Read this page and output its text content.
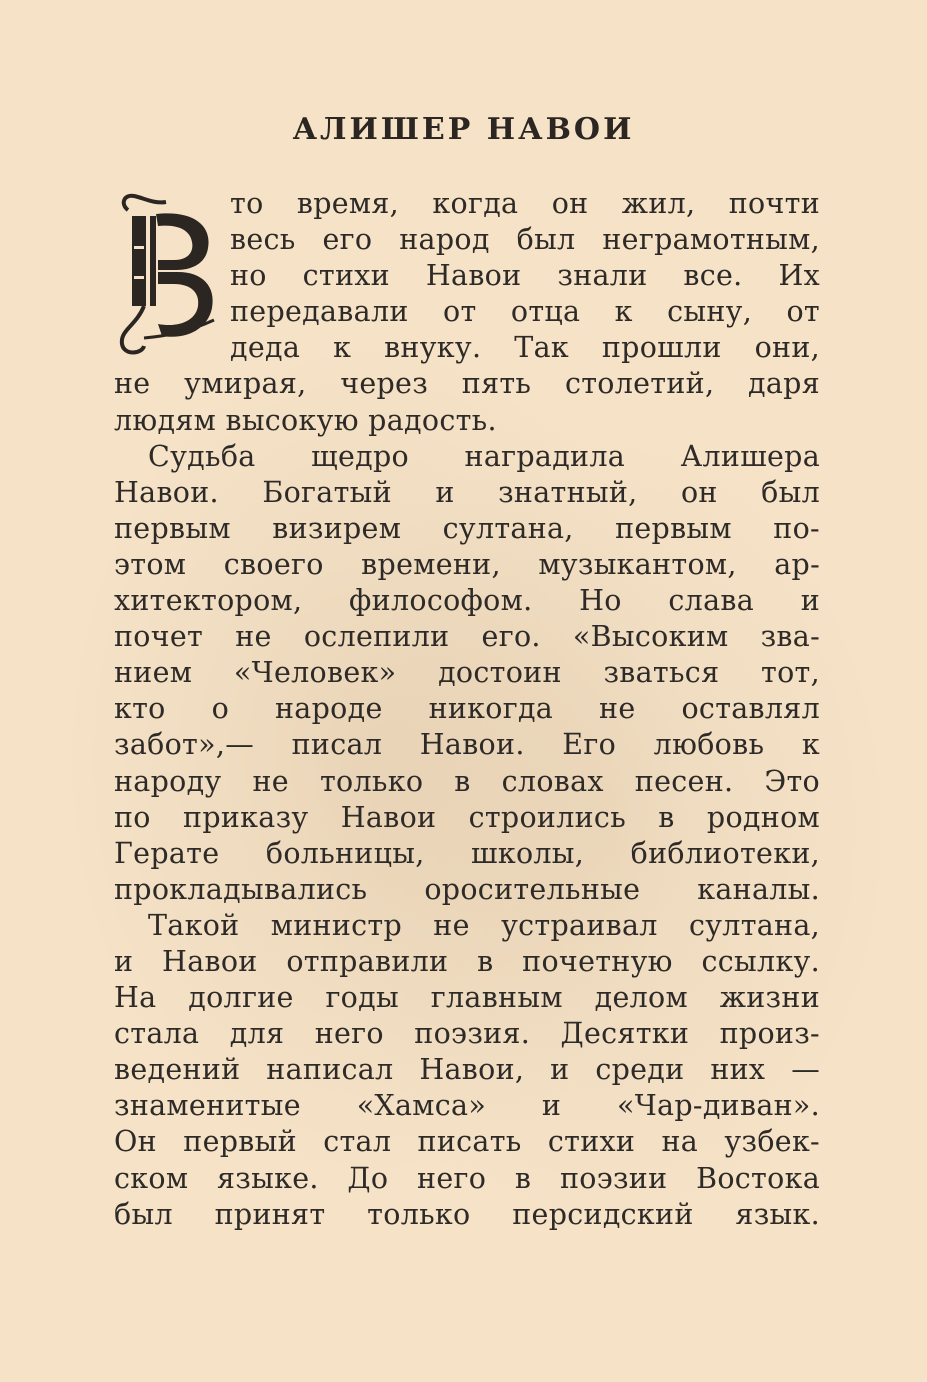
АЛИШЕР НАВОИ
то время, когда он жил, почти
весь его народ был неграмотным,
но стихи Навои знали все. Их
передавали от отца к сыну, от
деда к внуку. Так прошли они,
не умирая, через пять столетий, даря
людям высокую радость.
Судьба щедро наградила Алишера
Навои. Богатый и знатный, он был
первым визирем султана, первым по-
этом своего времени, музыкантом, ар-
хитектором, философом. Но слава и
почет не ослепили его. «Высоким зва-
нием «Человек» достоин зваться тот,
кто о народе никогда не оставлял
забот»,— писал Навои. Его любовь к
народу не только в словах песен. Это
по приказу Навои строились в родном
Герате больницы, школы, библиотеки,
прокладывались оросительные каналы.
Такой министр не устраивал султана,
и Навои отправили в почетную ссылку.
На долгие годы главным делом жизни
стала для него поэзия. Десятки произ-
ведений написал Навои, и среди них —
знаменитые «Хамса» и «Чар-диван».
Он первый стал писать стихи на узбек-
ском языке. До него в поэзии Востока
был принят только персидский язык.
